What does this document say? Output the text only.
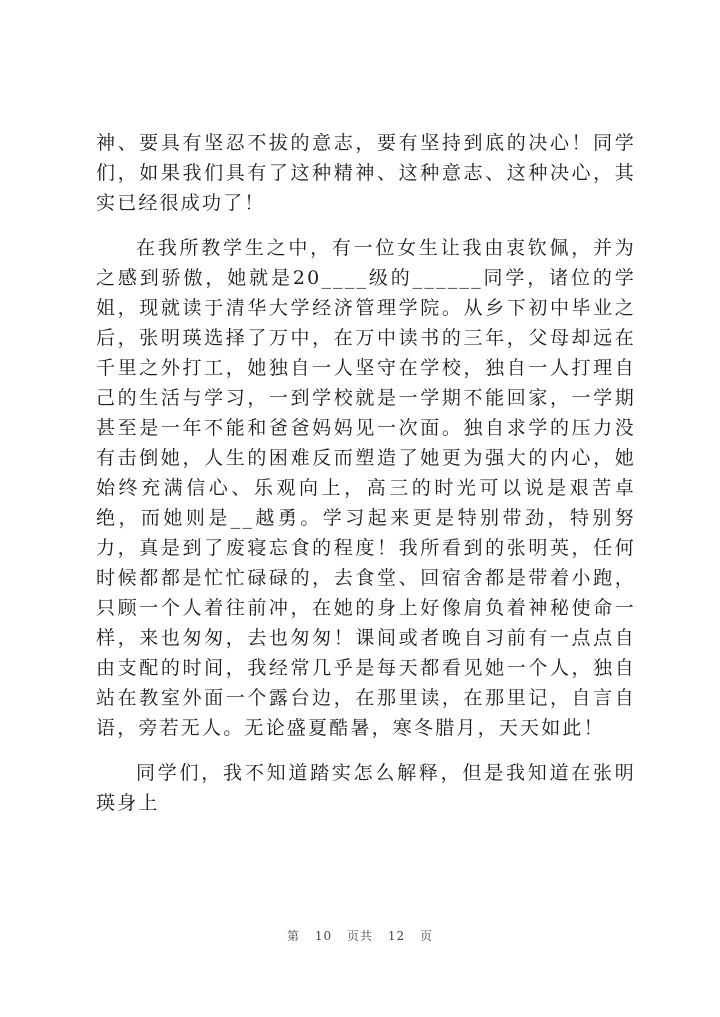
神、要具有坚忍不拔的意志，要有坚持到底的决心！同学们，如果我们具有了这种精神、这种意志、这种决心，其实已经很成功了！

在我所教学生之中，有一位女生让我由衷钦佩，并为之感到骄傲，她就是20____级的______同学，诸位的学姐，现就读于清华大学经济管理学院。从乡下初中毕业之后，张明瑛选择了万中，在万中读书的三年，父母却远在千里之外打工，她独自一人坚守在学校，独自一人打理自己的生活与学习，一到学校就是一学期不能回家，一学期甚至是一年不能和爸爸妈妈见一次面。独自求学的压力没有击倒她，人生的困难反而塑造了她更为强大的内心，她始终充满信心、乐观向上，高三的时光可以说是艰苦卓绝，而她则是__越勇。学习起来更是特别带劲，特别努力，真是到了废寝忘食的程度！我所看到的张明英，任何时候都都是忙忙碌碌的，去食堂、回宿舍都是带着小跑，只顾一个人着往前冲，在她的身上好像肩负着神秘使命一样，来也匆匆，去也匆匆！课间或者晚自习前有一点点自由支配的时间，我经常几乎是每天都看见她一个人，独自站在教室外面一个露台边，在那里读，在那里记，自言自语，旁若无人。无论盛夏酷暑，寒冬腊月，天天如此！

同学们，我不知道踏实怎么解释，但是我知道在张明瑛身上

第 10 页共 12 页
